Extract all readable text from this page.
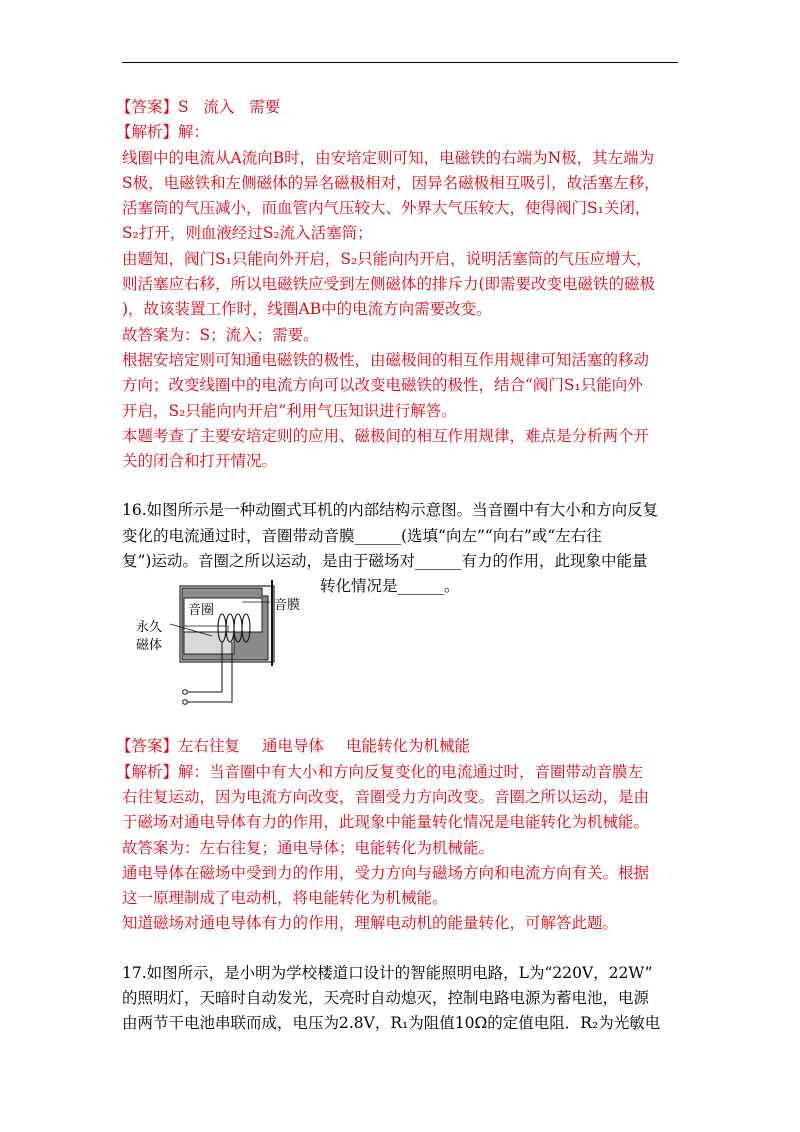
【答案】S   流入   需要

【解析】解：

线圈中的电流从A流向B时，由安培定则可知，电磁铁的右端为N极，其左端为

S极，电磁铁和左侧磁体的异名磁极相对，因异名磁极相互吸引，故活塞左移，

活塞筒的气压减小，而血管内气压较大、外界大气压较大，使得阀门S₁关闭，

S₂打开，则血液经过S₂流入活塞筒；

由题知，阀门S₁只能向外开启，S₂只能向内开启，说明活塞筒的气压应增大，

则活塞应右移，所以电磁铁应受到左侧磁体的排斥力(即需要改变电磁铁的磁极

)，故该装置工作时，线圈AB中的电流方向需要改变。

故答案为：S；流入；需要。

根据安培定则可知通电磁铁的极性，由磁极间的相互作用规律可知活塞的移动

方向；改变线圈中的电流方向可以改变电磁铁的极性，结合“阀门S₁只能向外

开启，S₂只能向内开启”利用气压知识进行解答。

本题考查了主要安培定则的应用、磁极间的相互作用规律，难点是分析两个开

关的闭合和打开情况。

16.如图所示是一种动圈式耳机的内部结构示意图。当音圈中有大小和方向反复

变化的电流通过时，音圈带动音膜______(选填“向左”“向右”或“左右往

复”)运动。音圈之所以运动，是由于磁场对______有力的作用，此现象中能量

音圈	音膜
永久
磁体
转化情况是______。

【答案】左右往复 通电导体 电能转化为机械能

【解析】解：当音圈中有大小和方向反复变化的电流通过时，音圈带动音膜左

右往复运动，因为电流方向改变，音圈受力方向改变。音圈之所以运动，是由

于磁场对通电导体有力的作用，此现象中能量转化情况是电能转化为机械能。

故答案为：左右往复；通电导体；电能转化为机械能。

通电导体在磁场中受到力的作用，受力方向与磁场方向和电流方向有关。根据

这一原理制成了电动机，将电能转化为机械能。

知道磁场对通电导体有力的作用，理解电动机的能量转化，可解答此题。

17.如图所示，是小明为学校楼道口设计的智能照明电路，L为“220V，22W”

的照明灯，天暗时自动发光，天亮时自动熄灭，控制电路电源为蓄电池，电源

由两节干电池串联而成，电压为2.8V，R₁为阻值10Ω的定值电阻．R₂为光敏电
